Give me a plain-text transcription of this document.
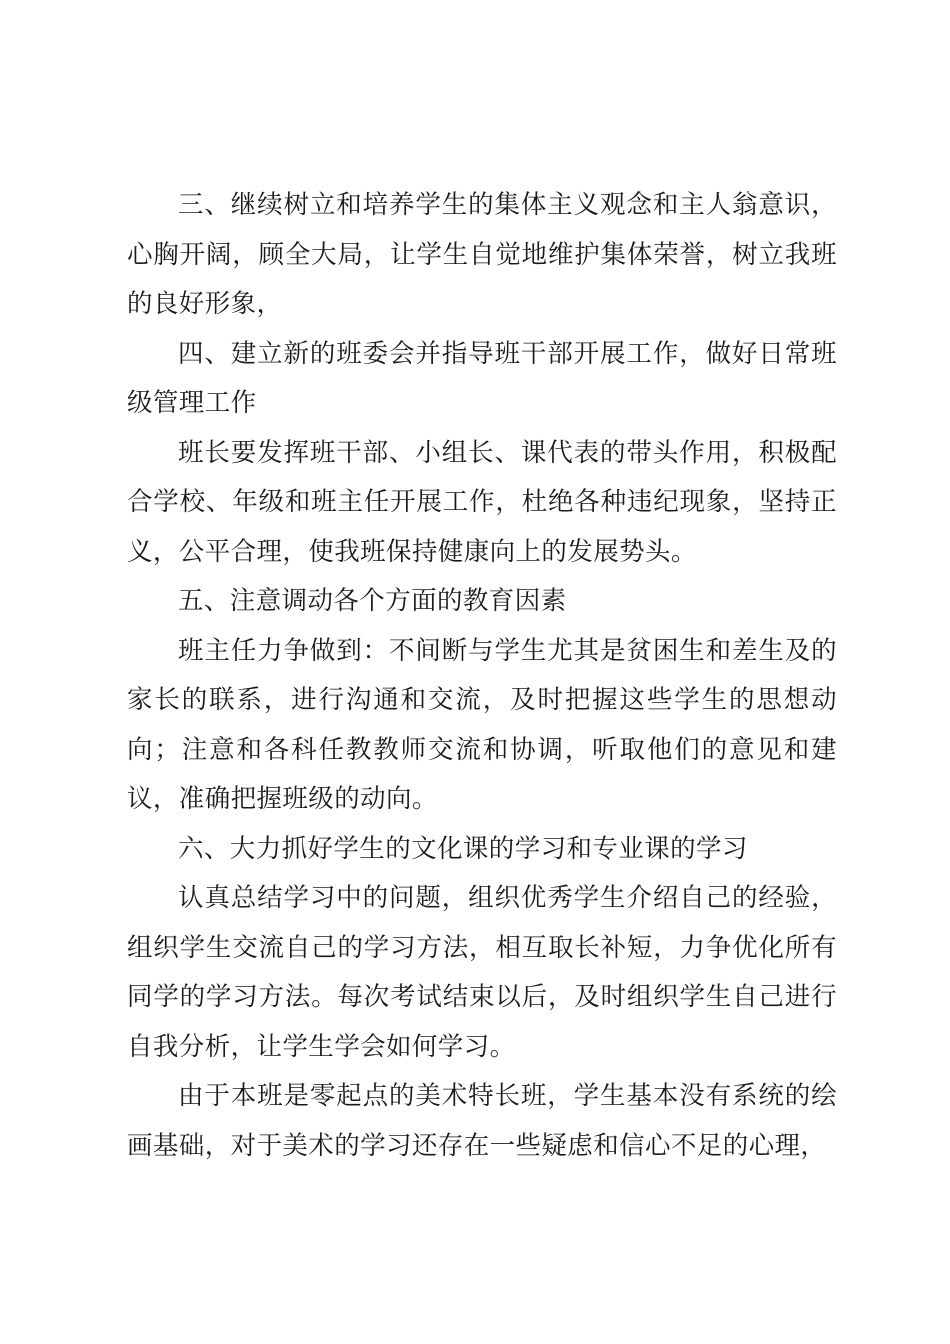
三、继续树立和培养学生的集体主义观念和主人翁意识，心胸开阔，顾全大局，让学生自觉地维护集体荣誉，树立我班的良好形象，

四、建立新的班委会并指导班干部开展工作，做好日常班级管理工作

班长要发挥班干部、小组长、课代表的带头作用，积极配合学校、年级和班主任开展工作，杜绝各种违纪现象，坚持正义，公平合理，使我班保持健康向上的发展势头。

五、注意调动各个方面的教育因素

班主任力争做到：不间断与学生尤其是贫困生和差生及的家长的联系，进行沟通和交流，及时把握这些学生的思想动向；注意和各科任教教师交流和协调，听取他们的意见和建议，准确把握班级的动向。

六、大力抓好学生的文化课的学习和专业课的学习

认真总结学习中的问题，组织优秀学生介绍自己的经验，组织学生交流自己的学习方法，相互取长补短，力争优化所有同学的学习方法。每次考试结束以后，及时组织学生自己进行自我分析，让学生学会如何学习。

由于本班是零起点的美术特长班，学生基本没有系统的绘画基础，对于美术的学习还存在一些疑虑和信心不足的心理，
